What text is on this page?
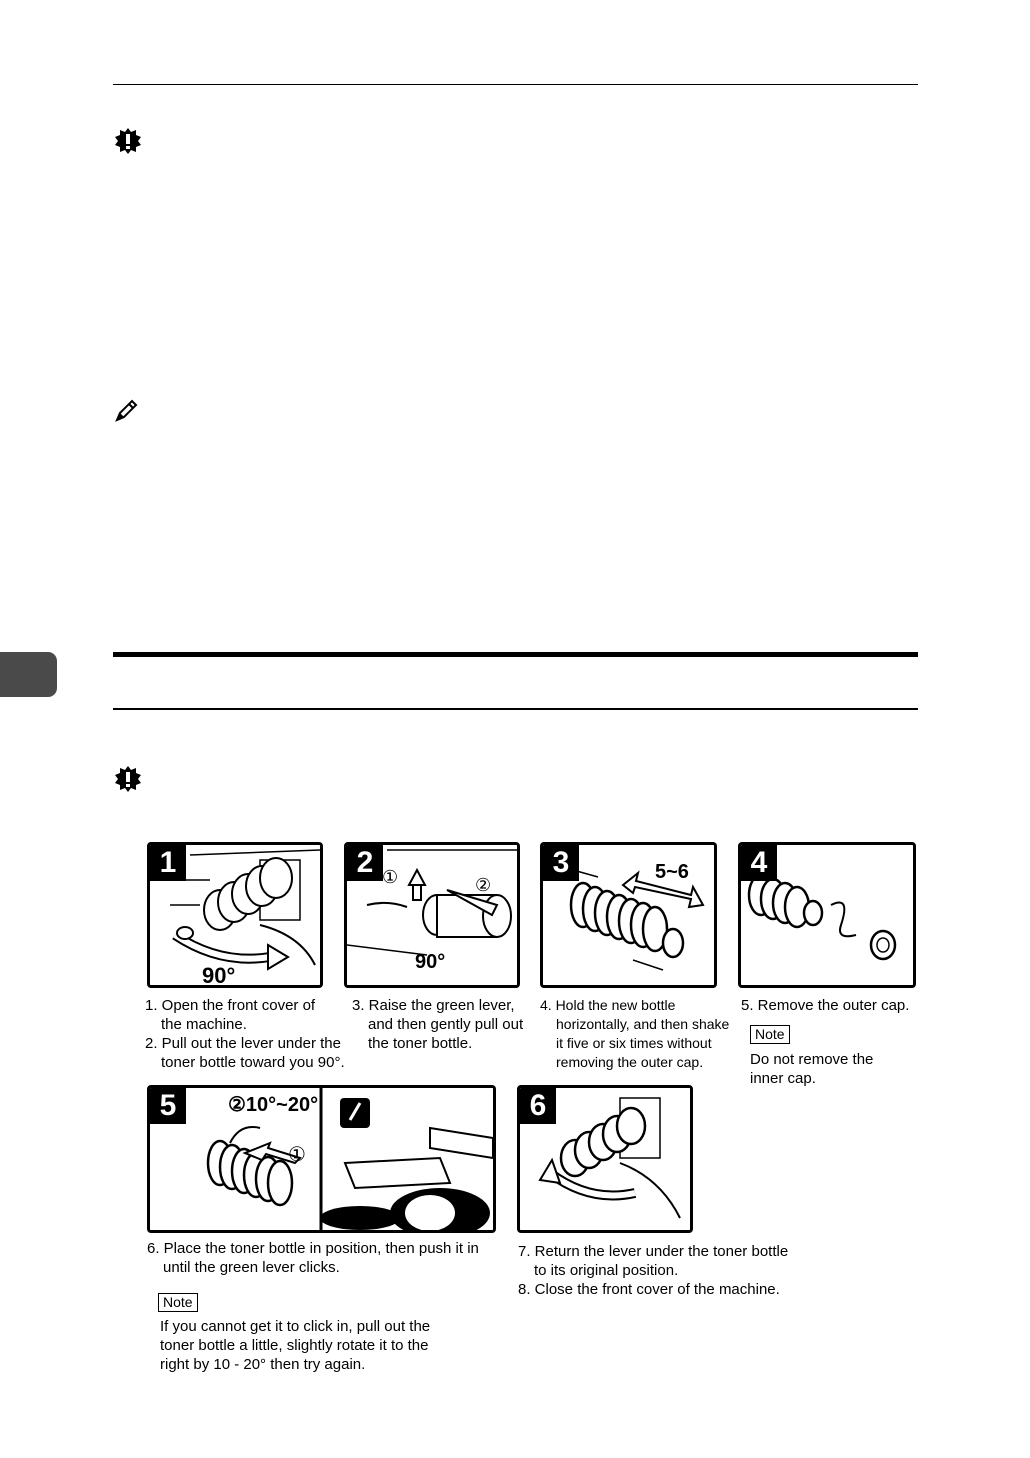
1
90°
2 ①	②
90°
3	5~6	4
5	②10°~20°
①
6
1. Open the front cover of
the machine.
2. Pull out the lever under the
toner bottle toward you 90°.
3. Raise the green lever,
and then gently pull out
the toner bottle.
4. Hold the new bottle
horizontally, and then shake
it five or six times without
removing the outer cap.
5. Remove the outer cap.
Note
Do not remove the
inner cap.
6. Place the toner bottle in position, then push it in
until the green lever clicks.
Note
If you cannot get it to click in, pull out the
toner bottle a little, slightly rotate it to the
right by 10 - 20° then try again.
7. Return the lever under the toner bottle
to its original position.
8. Close the front cover of the machine.
